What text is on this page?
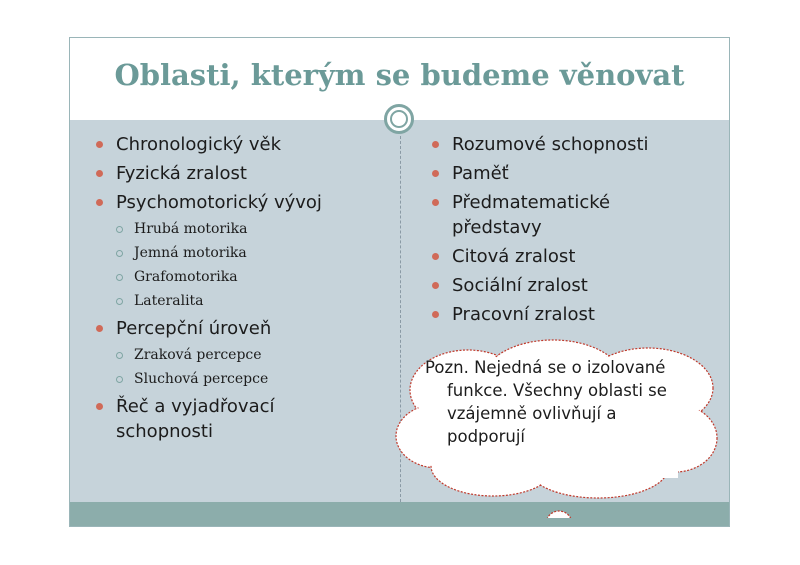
Oblasti, kterým se budeme věnovat
Chronologický věk
Fyzická zralost
Psychomotorický vývoj
Hrubá motorika
Jemná motorika
Grafomotorika
Lateralita
Percepční úroveň
Zraková percepce
Sluchová percepce
Řeč a vyjadřovací
schopnosti
Rozumové schopnosti
Paměť
Předmatematické
představy
Citová zralost
Sociální zralost
Pracovní zralost
Pozn. Nejedná se o izolované
funkce. Všechny oblasti se
vzájemně ovlivňují a
podporují
